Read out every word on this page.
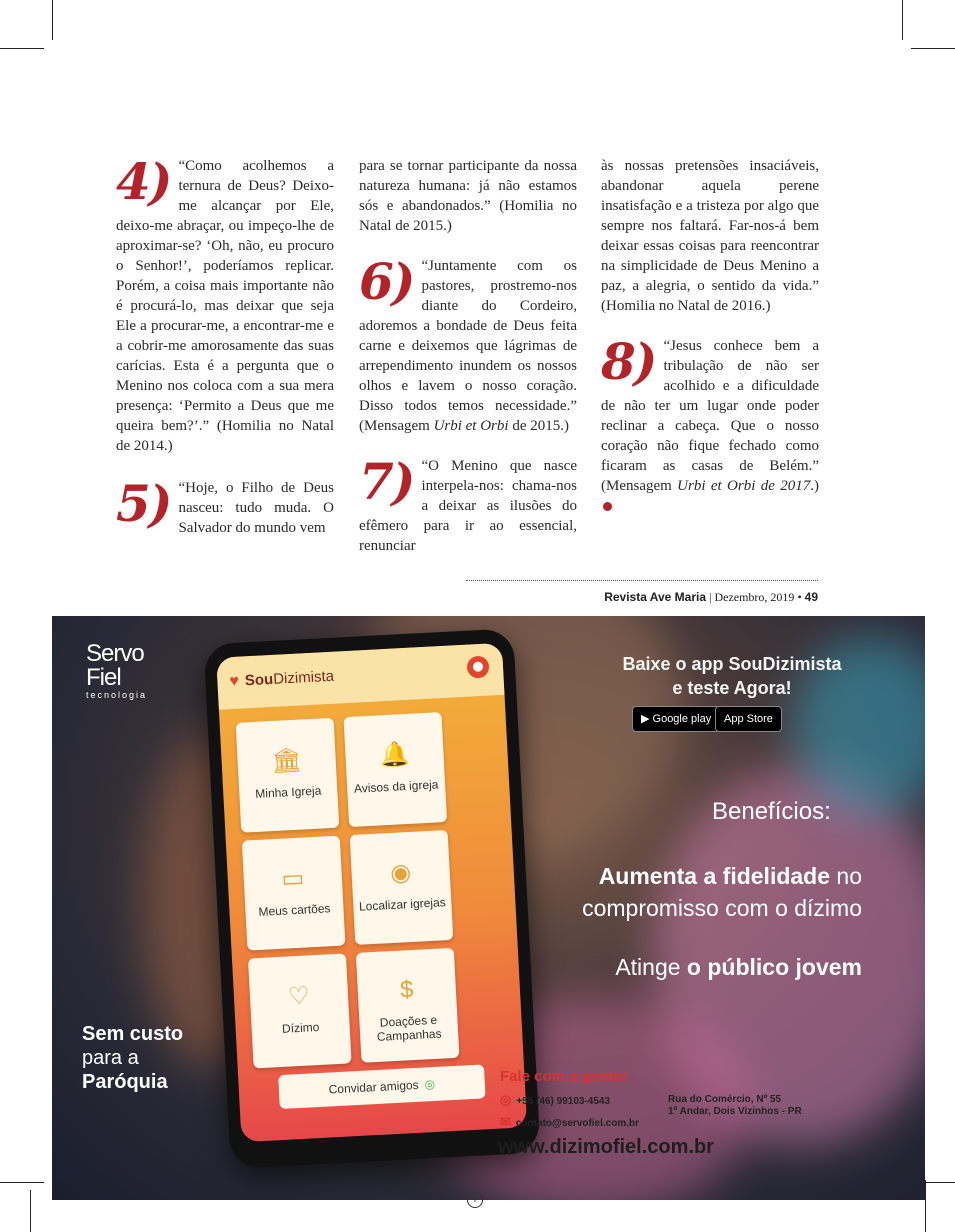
4) “Como acolhemos a ternura de Deus? Deixo-me alcançar por Ele, deixo-me abraçar, ou impeço-lhe de aproximar-se? ‘Oh, não, eu procuro o Senhor!’, poderíamos replicar. Porém, a coisa mais importante não é procurá-lo, mas deixar que seja Ele a procurar-me, a encontrar-me e a cobrir-me amorosamente das suas carícias. Esta é a pergunta que o Menino nos coloca com a sua mera presença: ‘Permito a Deus que me queira bem?’.” (Homilia no Natal de 2014.)

5) “Hoje, o Filho de Deus nasceu: tudo muda. O Salvador do mundo vem

para se tornar participante da nossa natureza humana: já não estamos sós e abandonados.” (Homilia no Natal de 2015.)

6) “Juntamente com os pastores, prostremo-nos diante do Cordeiro, adoremos a bondade de Deus feita carne e deixemos que lágrimas de arrependimento inundem os nossos olhos e lavem o nosso coração. Disso todos temos necessidade.” (Mensagem Urbi et Orbi de 2015.)

7) “O Menino que nasce interpela-nos: chama-nos a deixar as ilusões do efêmero para ir ao essencial, renunciar

às nossas pretensões insaciáveis, abandonar aquela perene insatisfação e a tristeza por algo que sempre nos faltará. Far-nos-á bem deixar essas coisas para reencontrar na simplicidade de Deus Menino a paz, a alegria, o sentido da vida.” (Homilia no Natal de 2016.)

8) “Jesus conhece bem a tribulação de não ser acolhido e a dificuldade de não ter um lugar onde poder reclinar a cabeça. Que o nosso coração não fique fechado como ficaram as casas de Belém.” (Mensagem Urbi et Orbi de 2017.)

Revista Ave Maria | Dezembro, 2019 • 49
Servo
Fiel
tecnologia
♥ SouDizimista
●
🏛
Minha Igreja
🔔
Avisos da igreja
▭
Meus cartões
◉
Localizar igrejas
♡
Dízimo
$
Doações e Campanhas
Convidar amigos ◎
Baixe o app SouDizimista
e teste Agora!
▶ Google play	App Store
Benefícios:
Aumenta a fidelidade no
compromisso com o dízimo
Atinge o público jovem
Sem custo
para a
Paróquia	Fale com a gente!
◎ +55 (46) 99103-4543
✉ contato@servofiel.com.br
Rua do Comércio, Nº 55
1º Andar, Dois Vizinhos - PR
www.dizimofiel.com.br
+
